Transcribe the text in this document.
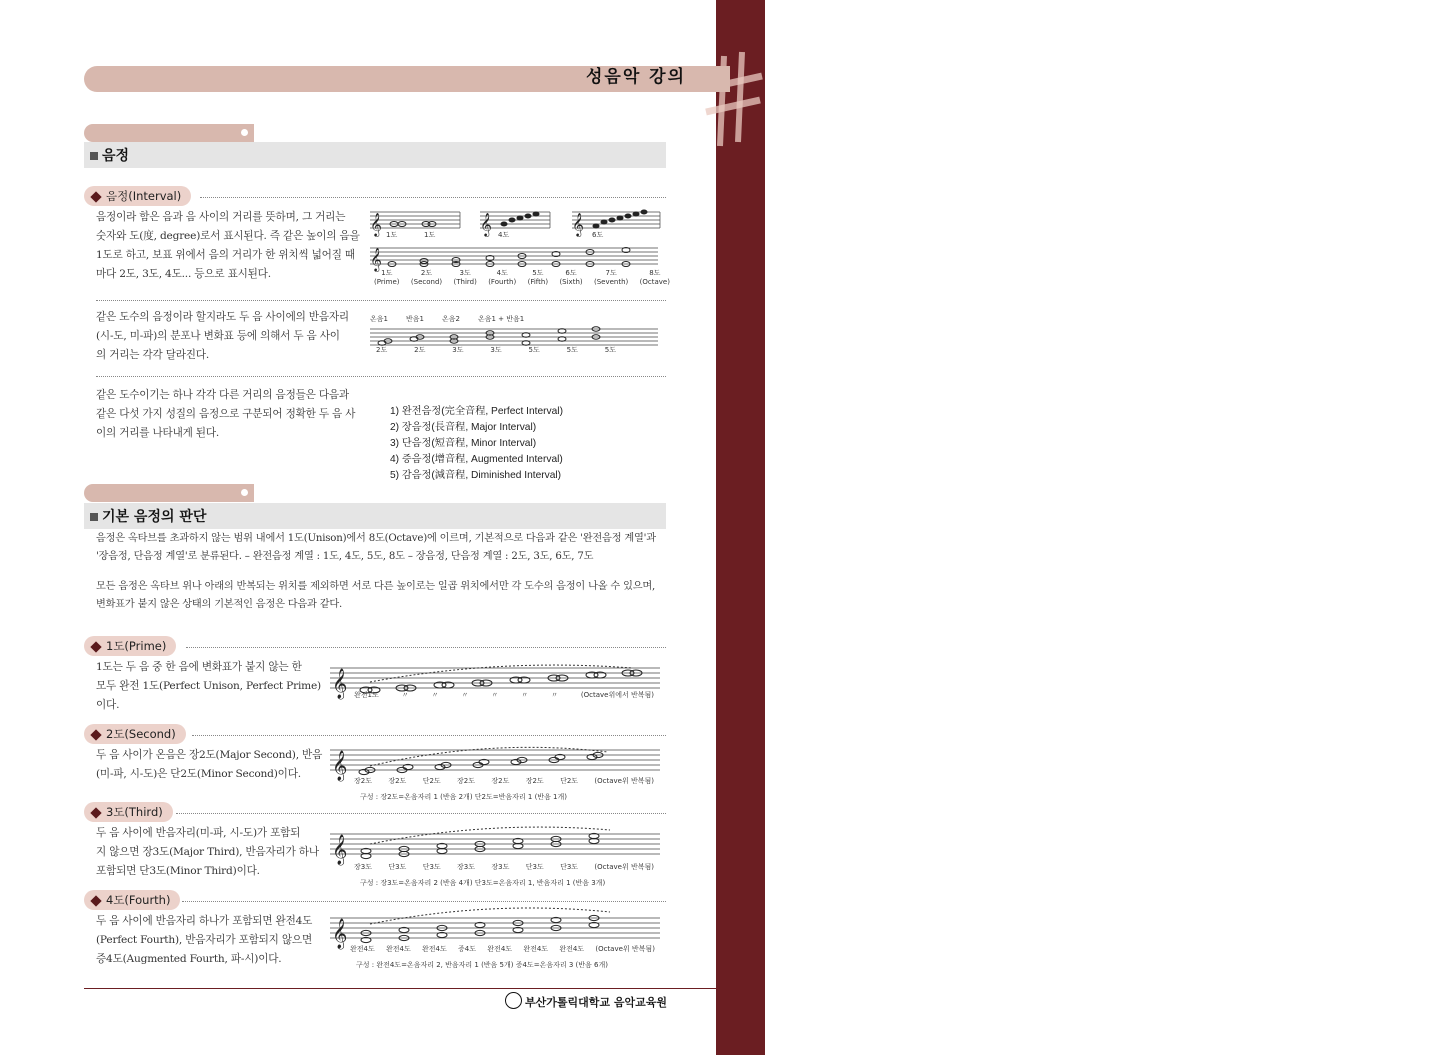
5
성음악 강의
음정
음정(Interval)
음정이라 함은 음과 음 사이의 거리를 뜻하며, 그 거리는
숫자와 도(度, degree)로서 표시된다. 즉 같은 높이의 음을
1도로 하고, 보표 위에서 음의 거리가 한 위치씩 넓어질 때
마다 2도, 3도, 4도... 등으로 표시된다.
𝄞	𝄞	𝄞
1도	1도	4도	6도
𝄞
1도
(Prime)
2도
(Second)
3도
(Third)
4도
(Fourth)
5도
(Fifth)
6도
(Sixth)
7도
(Seventh)
8도
(Octave)
같은 도수의 음정이라 할지라도 두 음 사이에의 반음자리
(시-도, 미-파)의 분포나 변화표 등에 의해서 두 음 사이
의 거리는 각각 달라진다.
온음1	반음1	온음2	온음1 + 반음1
2도	2도	3도	3도	5도	5도	5도
같은 도수이기는 하나 각각 다른 거리의 음정들은 다음과
같은 다섯 가지 성질의 음정으로 구분되어 정확한 두 음 사
이의 거리를 나타내게 된다.
1) 완전음정(完全音程, Perfect Interval)
2) 장음정(長音程, Major Interval)
3) 단음정(短音程, Minor Interval)
4) 증음정(增音程, Augmented Interval)
5) 감음정(減音程, Diminished Interval)
기본 음정의 판단
음정은 옥타브를 초과하지 않는 범위 내에서 1도(Unison)에서 8도(Octave)에 이르며, 기본적으로 다음과 같은 '완전음정 계열'과
'장음정, 단음정 계열'로 분류된다. – 완전음정 계열 : 1도, 4도, 5도, 8도 – 장음정, 단음정 계열 : 2도, 3도, 6도, 7도
모든 음정은 옥타브 위나 아래의 반복되는 위치를 제외하면 서로 다른 높이로는 일곱 위치에서만 각 도수의 음정이 나올 수 있으며,
변화표가 붙지 않은 상태의 기본적인 음정은 다음과 같다.
1도(Prime)
1도는 두 음 중 한 음에 변화표가 붙지 않는 한
모두 완전 1도(Perfect Unison, Perfect Prime)
이다.
𝄞 완전1도	〃	〃	〃	〃	〃	〃	(Octave위에서 반복됨)
2도(Second)
두 음 사이가 온음은 장2도(Major Second), 반음
(미-파, 시-도)은 단2도(Minor Second)이다.	𝄞 장2도 장2도 단2도 장2도 장2도 장2도 단2도 (Octave위 반복됨)
구성 : 장2도=온음자리 1 (반음 2개) 단2도=반음자리 1 (반음 1개)
3도(Third)
두 음 사이에 반음자리(미-파, 시-도)가 포함되
지 않으면 장3도(Major Third), 반음자리가 하나
포함되면 단3도(Minor Third)이다.
𝄞
장3도 단3도 단3도 장3도 장3도 단3도 단3도 (Octave위 반복됨)
구성 : 장3도=온음자리 2 (반음 4개) 단3도=온음자리 1, 반음자리 1 (반음 3개)
4도(Fourth)
두 음 사이에 반음자리 하나가 포함되면 완전4도
(Perfect Fourth), 반음자리가 포함되지 않으면
증4도(Augmented Fourth, 파-시)이다.
𝄞 완전4도 완전4도 완전4도 증4도 완전4도 완전4도 완전4도 (Octave위 반복됨)
구성 : 완전4도=온음자리 2, 반음자리 1 (반음 5개) 증4도=온음자리 3 (반음 6개)
부산가톨릭대학교 음악교육원
